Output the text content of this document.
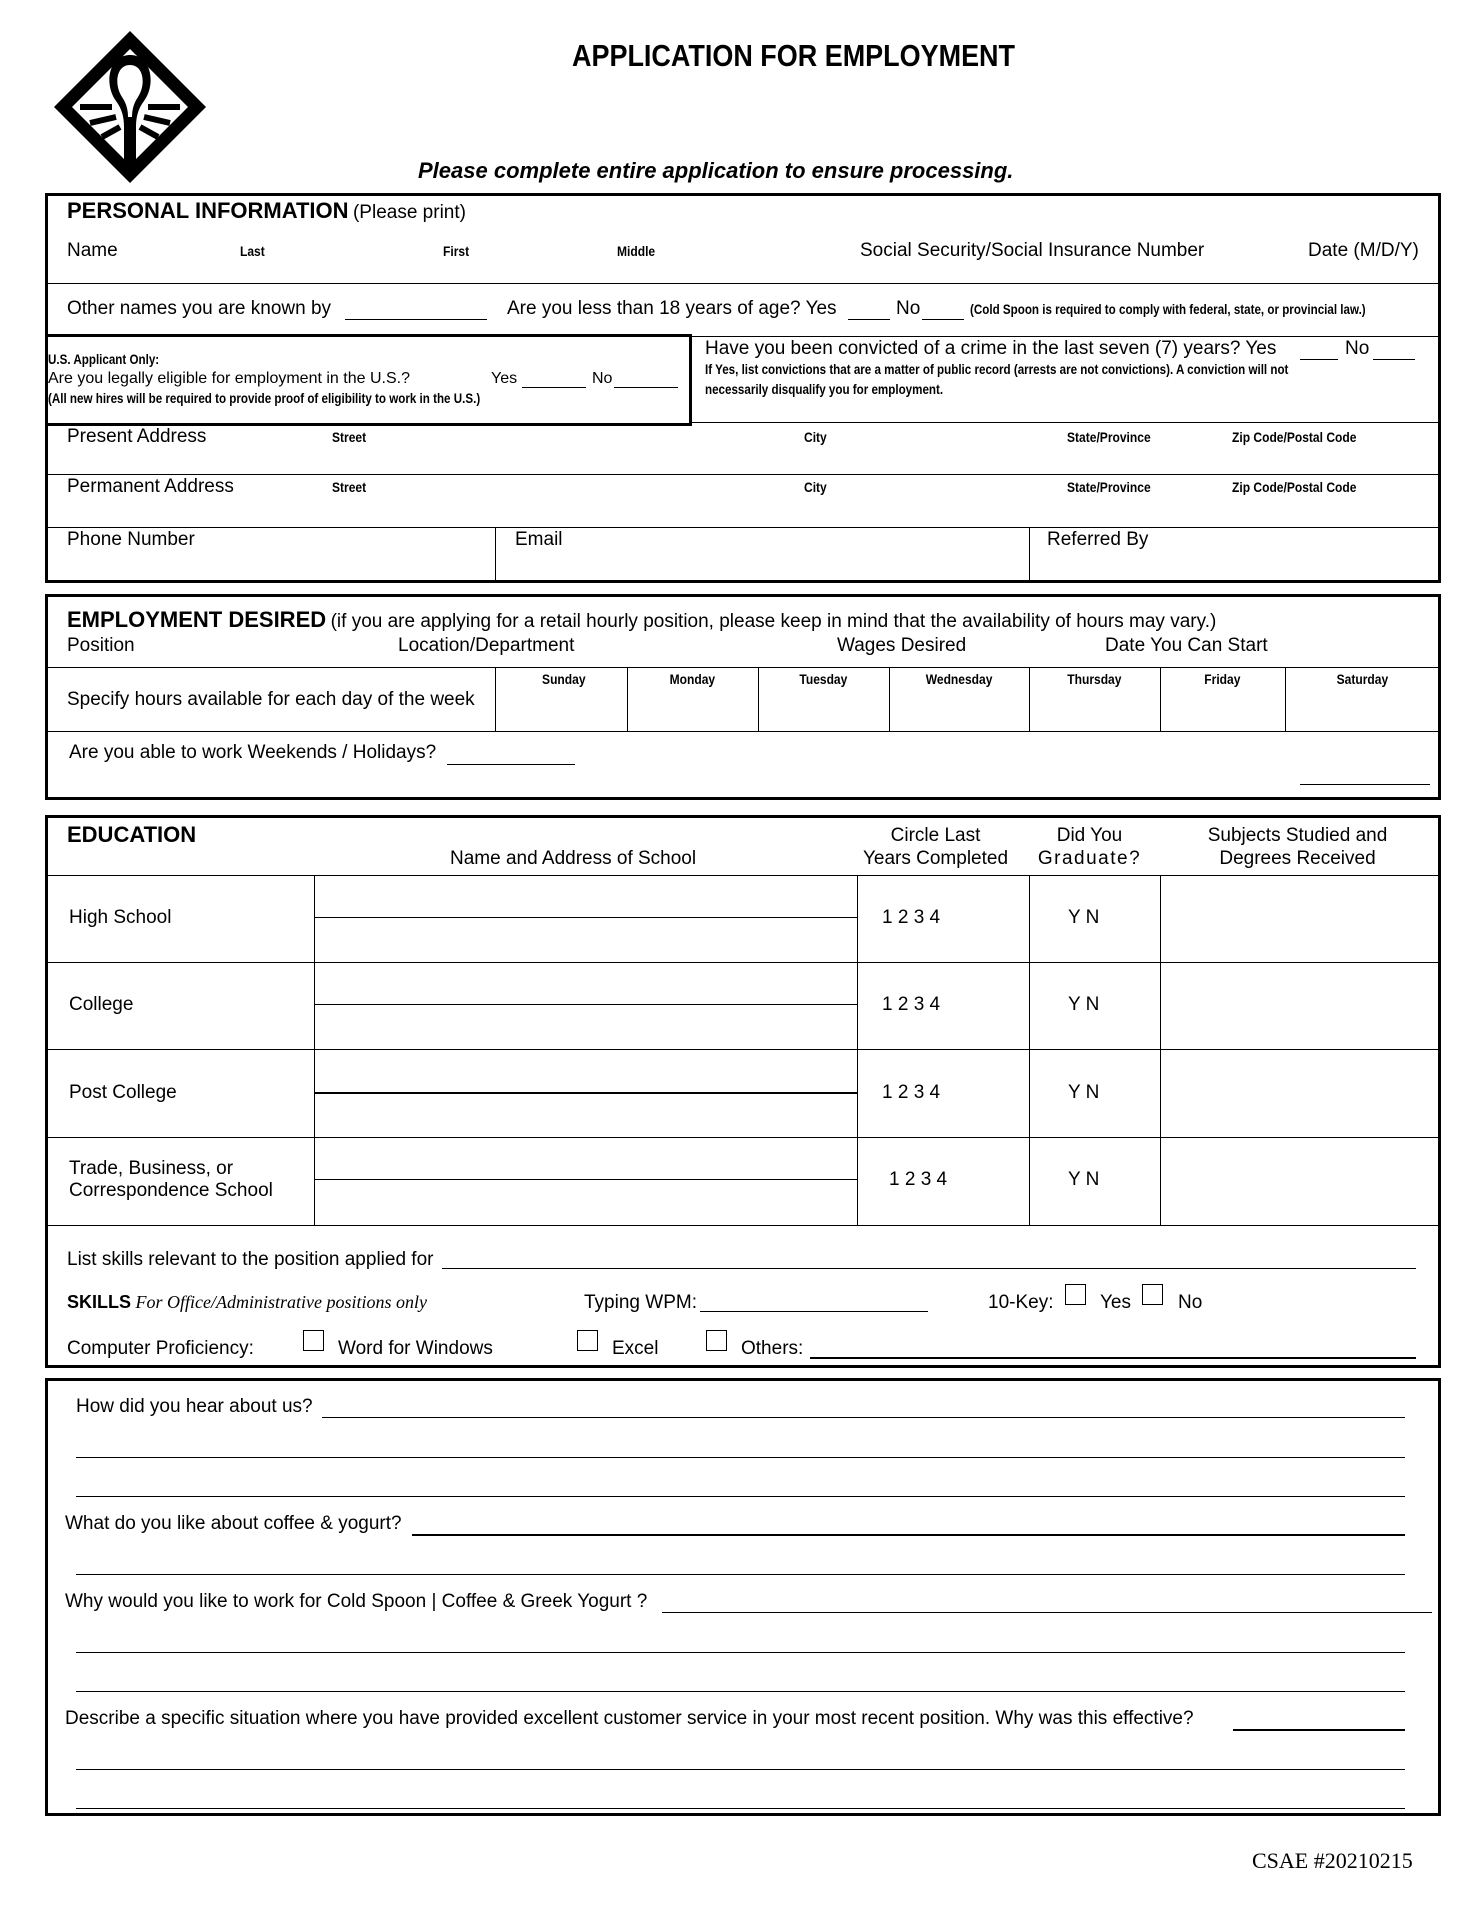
APPLICATION FOR EMPLOYMENT
Please complete entire application to ensure processing.
PERSONAL INFORMATION (Please print)
Name	Last	First	Middle	Social Security/Social Insurance Number	Date (M/D/Y)
Other names you are known by	Are you less than 18 years of age? Yes	No	(Cold Spoon is required to comply with federal, state, or provincial law.)
U.S. Applicant Only:
Are you legally eligible for employment in the U.S.?	Yes	No
(All new hires will be required to provide proof of eligibility to work in the U.S.)
Have you been convicted of a crime in the last seven (7) years? Yes	No
If Yes, list convictions that are a matter of public record (arrests are not convictions). A conviction will not
necessarily disqualify you for employment.
Present Address	Street	City	State/Province	Zip Code/Postal Code
Permanent Address	Street	City	State/Province	Zip Code/Postal Code
Phone Number	Email	Referred By
EMPLOYMENT DESIRED (if you are applying for a retail hourly position, please keep in mind that the availability of hours may vary.)
Position	Location/Department	Wages Desired	Date You Can Start
Specify hours available for each day of the week
Sunday	Monday	Tuesday	Wednesday	Thursday	Friday	Saturday
Are you able to work Weekends / Holidays?
EDUCATION
Name and Address of School
Circle Last
Years Completed
Did You
Graduate?
Subjects Studied and
Degrees Received
High School	1 2 3 4	Y N
College	1 2 3 4	Y N
Post College	1 2 3 4	Y N
Trade, Business, or
Correspondence School
1 2 3 4	Y N
List skills relevant to the position applied for
SKILLS For Office/Administrative positions only	Typing WPM:	10-Key: Yes No
Computer Proficiency:	Word for Windows	Excel	Others:
How did you hear about us?
What do you like about coffee & yogurt?
Why would you like to work for Cold Spoon | Coffee & Greek Yogurt ?
Describe a specific situation where you have provided excellent customer service in your most recent position. Why was this effective?
CSAE #20210215
